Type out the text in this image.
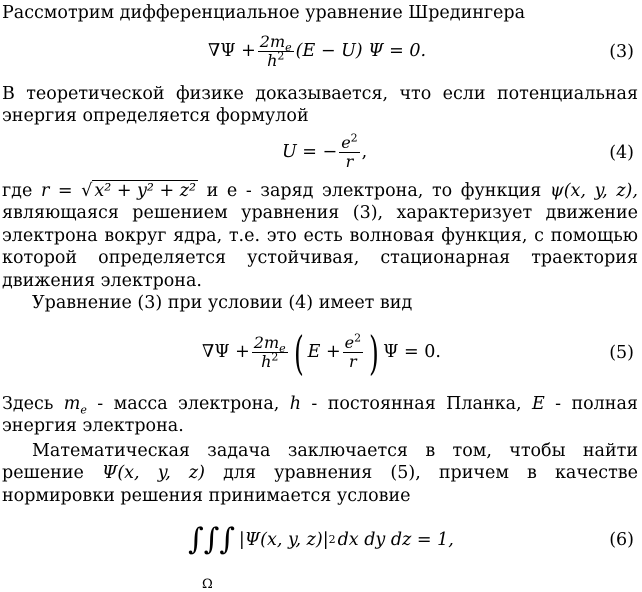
Рассмотрим дифференциальное уравнение Шредингера

$\nabla\Psi + \frac{2m_e}{h^2} (E - U) \Psi = 0$.	(3)

В теоретической физике доказывается, что если потенциальная энергия определяется формулой

U = − $\frac{e^2}{r}$ ,	(4)

где r = √ x² + y² + z² и е - заряд электрона, то функция ψ(x, y, z), являющаяся решением уравнения (3), характеризует движение электрона вокруг ядра, т.е. это есть волновая функция, с помощью которой определяется устойчивая, стационарная траектория движения электрона.

Уравнение (3) при условии (4) имеет вид

$\nabla\Psi + \frac{2m_e}{h^2}$ ( $E + \frac{e^2}{r}$ ) Ψ = 0.	(5)

Здесь $m_e$ - масса электрона, h - постоянная Планка, E - полная энергия электрона.

Математическая задача заключается в том, чтобы найти решение Ψ(x, y, z) для уравнения (5), причем в качестве нормировки решения принимается условие

∫∫∫ |Ψ(x, y, z)| 2 dx dy dz = 1,	(6)
Ω
